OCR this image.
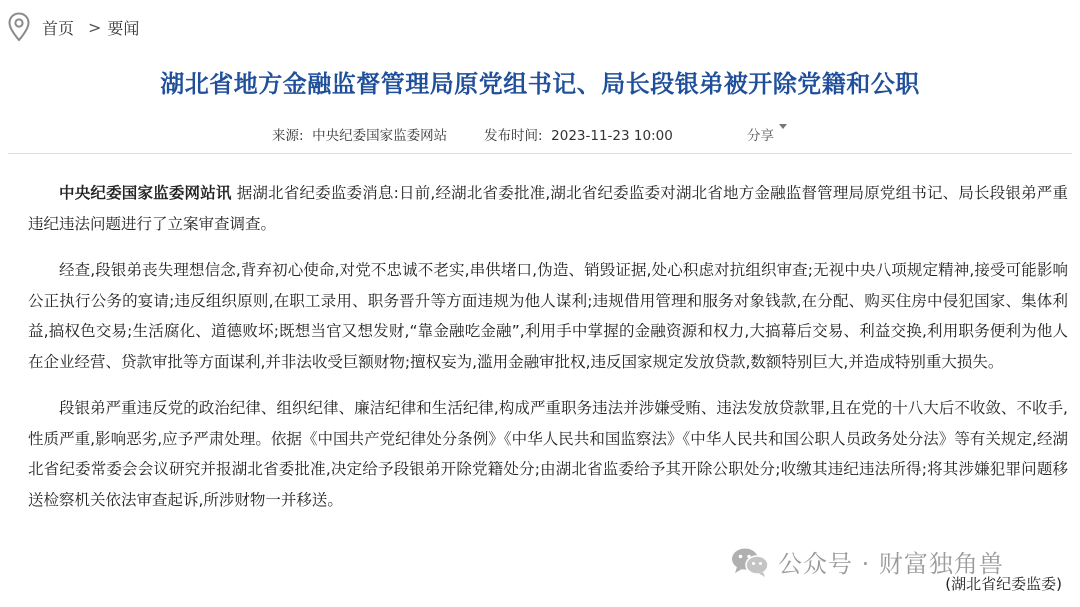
首页 > 要闻
湖北省地方金融监督管理局原党组书记、局长段银弟被开除党籍和公职
来源: 中央纪委国家监委网站	发布时间: 2023-11-23 10:00	分享

中央纪委国家监委网站讯 据湖北省纪委监委消息:日前,经湖北省委批准,湖北省纪委监委对湖北省地方金融监督管理局原党组书记、局长段银弟严重违纪违法问题进行了立案审查调查。

经查,段银弟丧失理想信念,背弃初心使命,对党不忠诚不老实,串供堵口,伪造、销毁证据,处心积虑对抗组织审查;无视中央八项规定精神,接受可能影响公正执行公务的宴请;违反组织原则,在职工录用、职务晋升等方面违规为他人谋利;违规借用管理和服务对象钱款,在分配、购买住房中侵犯国家、集体利益,搞权色交易;生活腐化、道德败坏;既想当官又想发财,“靠金融吃金融”,利用手中掌握的金融资源和权力,大搞幕后交易、利益交换,利用职务便利为他人在企业经营、贷款审批等方面谋利,并非法收受巨额财物;擅权妄为,滥用金融审批权,违反国家规定发放贷款,数额特别巨大,并造成特别重大损失。

段银弟严重违反党的政治纪律、组织纪律、廉洁纪律和生活纪律,构成严重职务违法并涉嫌受贿、违法发放贷款罪,且在党的十八大后不收敛、不收手,性质严重,影响恶劣,应予严肃处理。依据《中国共产党纪律处分条例》《中华人民共和国监察法》《中华人民共和国公职人员政务处分法》等有关规定,经湖北省纪委常委会会议研究并报湖北省委批准,决定给予段银弟开除党籍处分;由湖北省监委给予其开除公职处分;收缴其违纪违法所得;将其涉嫌犯罪问题移送检察机关依法审查起诉,所涉财物一并移送。

公众号 · 财富独角兽
(湖北省纪委监委)
